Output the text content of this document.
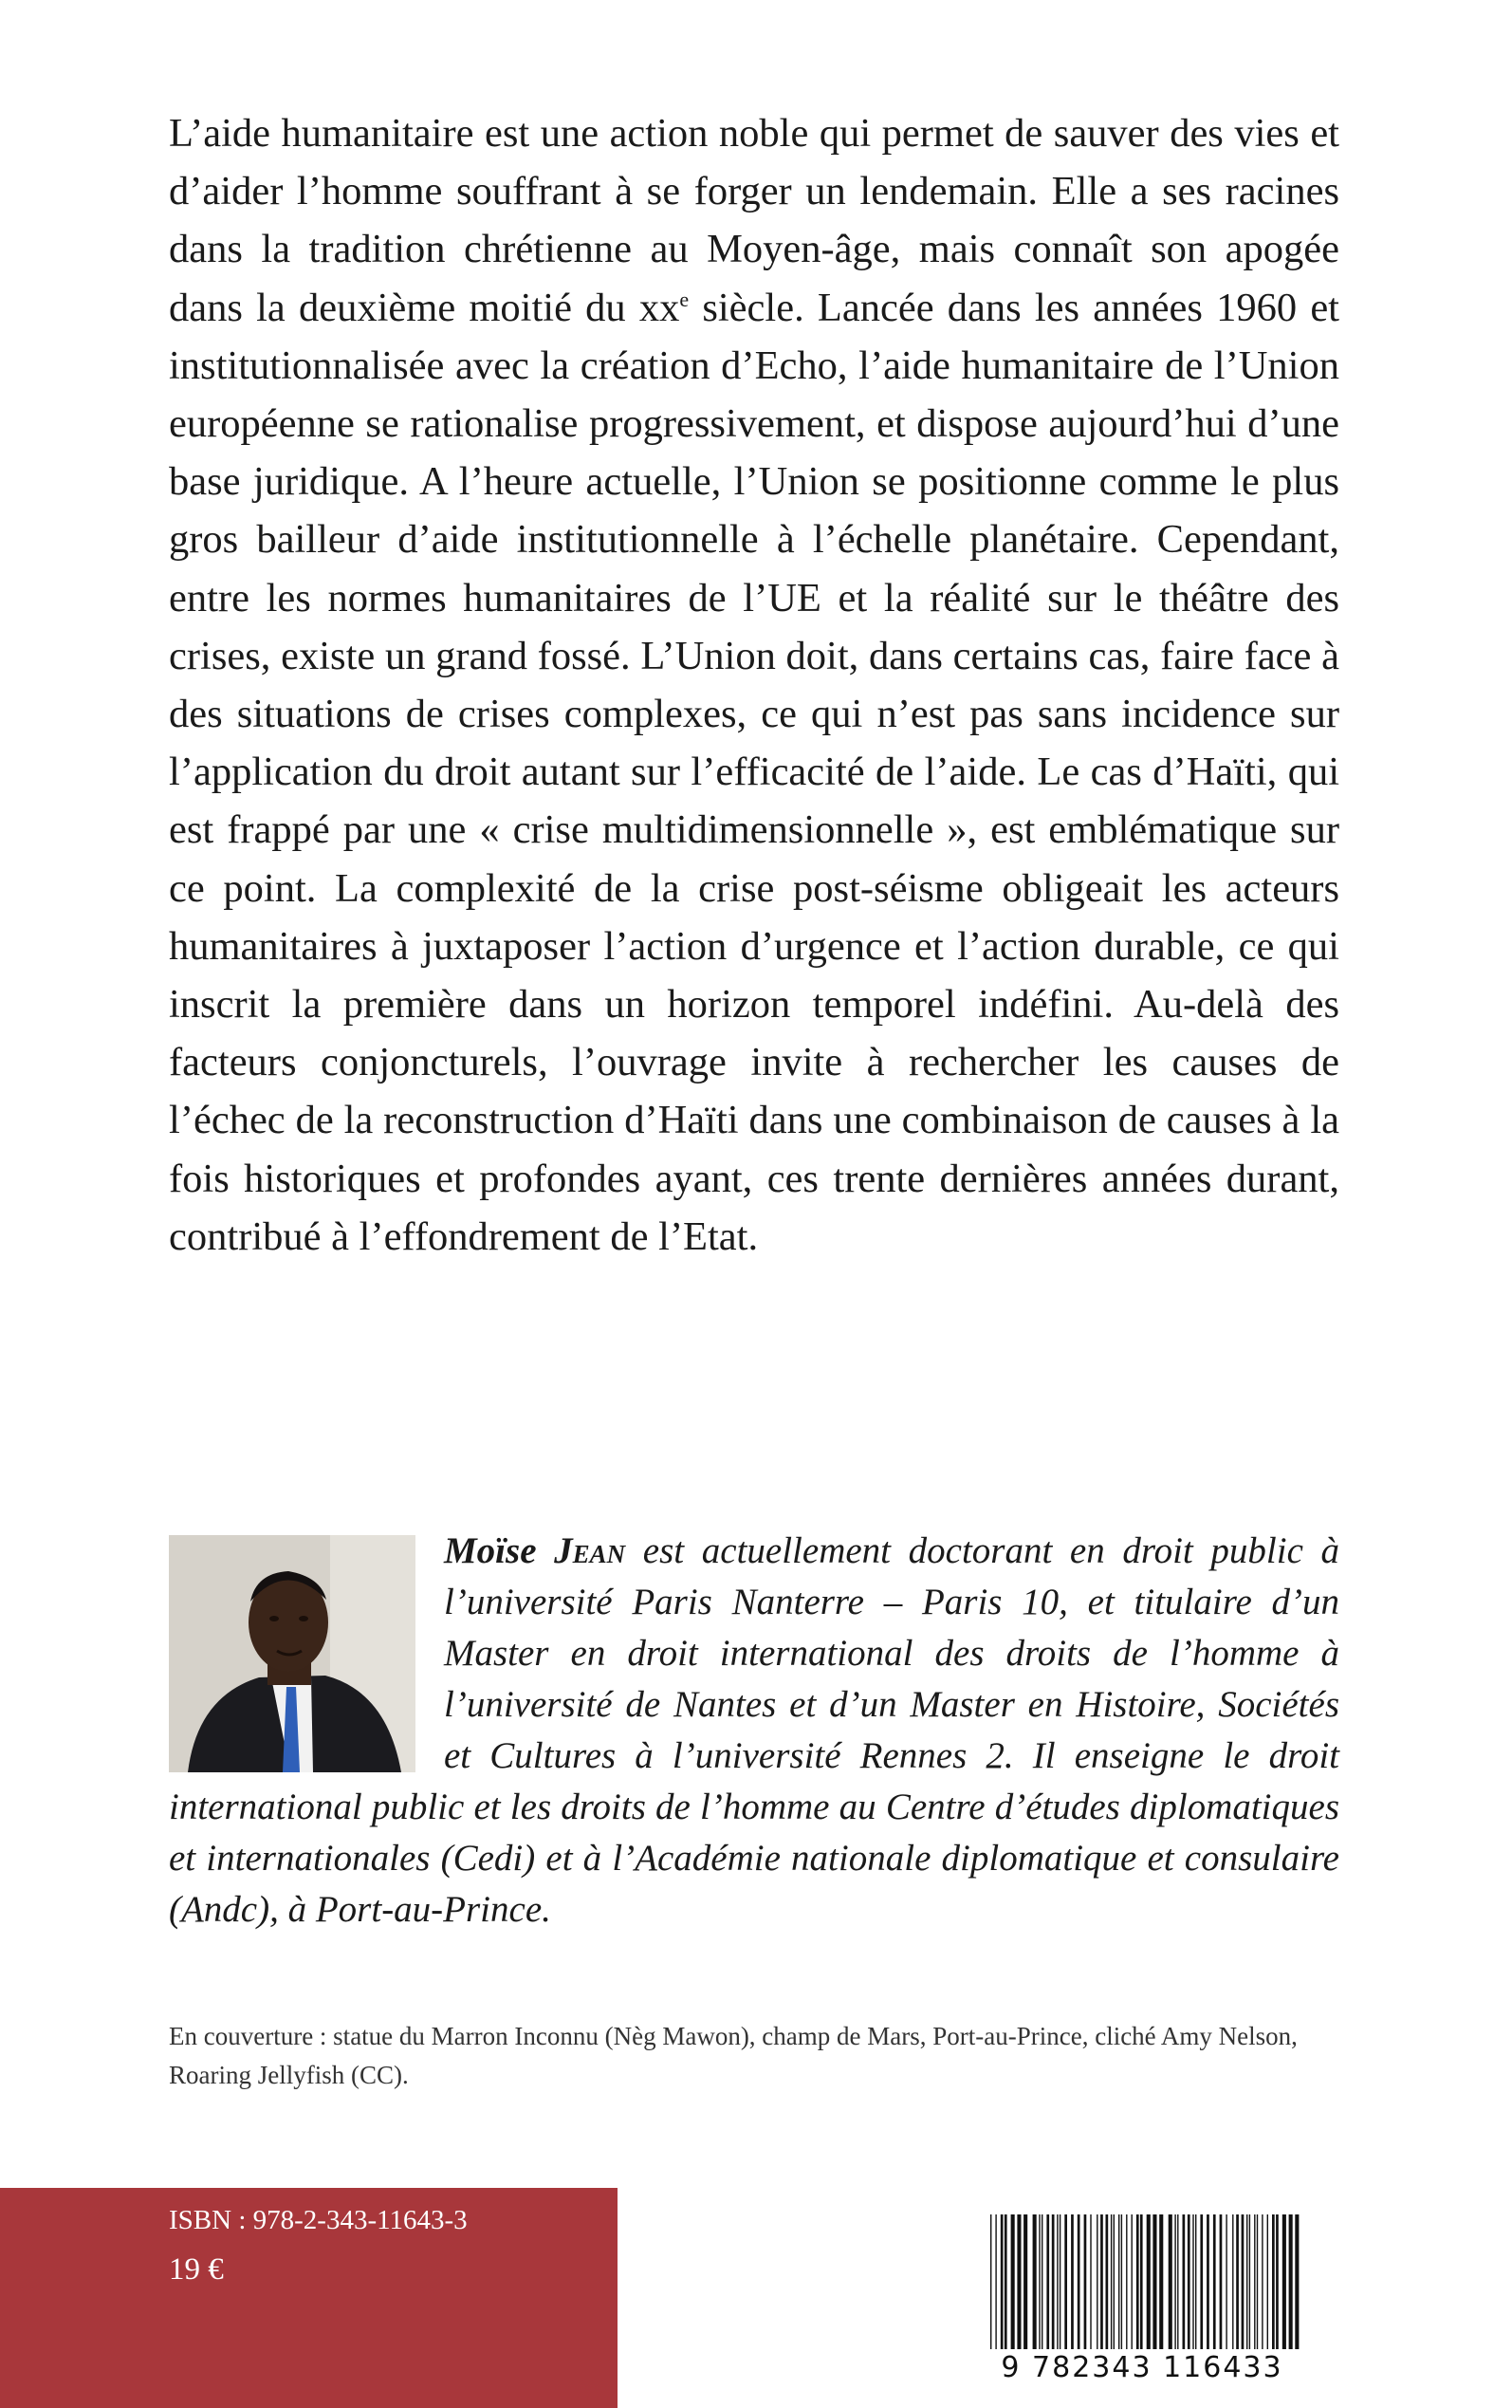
L’aide humanitaire est une action noble qui permet de sauver des vies et d’aider l’homme souffrant à se forger un lendemain. Elle a ses racines dans la tradition chrétienne au Moyen-âge, mais connaît son apogée dans la deuxième moitié du $xx^e$ siècle. Lancée dans les années 1960 et institutionnalisée avec la création d’Echo, l’aide humanitaire de l’Union européenne se rationalise progressivement, et dispose aujourd’hui d’une base juridique. A l’heure actuelle, l’Union se positionne comme le plus gros bailleur d’aide institutionnelle à l’échelle planétaire. Cependant, entre les normes humanitaires de l’UE et la réalité sur le théâtre des crises, existe un grand fossé. L’Union doit, dans certains cas, faire face à des situations de crises complexes, ce qui n’est pas sans incidence sur l’application du droit autant sur l’efficacité de l’aide. Le cas d’Haïti, qui est frappé par une « crise multidimensionnelle », est emblématique sur ce point. La complexité de la crise post-séisme obligeait les acteurs humanitaires à juxtaposer l’action d’urgence et l’action durable, ce qui inscrit la première dans un horizon temporel indéfini. Au-delà des facteurs conjoncturels, l’ouvrage invite à rechercher les causes de l’échec de la reconstruction d’Haïti dans une combinaison de causes à la fois historiques et profondes ayant, ces trente dernières années durant, contribué à l’effondrement de l’Etat.

Moïse Jean est actuellement doctorant en droit public à l’université Paris Nanterre – Paris 10, et titulaire d’un Master en droit international des droits de l’homme à l’université de Nantes et d’un Master en Histoire, Sociétés et Cultures à l’université Rennes 2. Il enseigne le droit international public et les droits de l’homme au Centre d’études diplomatiques et internationales (Cedi) et à l’Académie nationale diplomatique et consulaire (Andc), à Port-au-Prince.

En couverture : statue du Marron Inconnu (Nèg Mawon), champ de Mars, Port-au-Prince, cliché Amy Nelson, Roaring Jellyfish (CC).

ISBN : 978-2-343-11643-3
19 €
9 782343 116433
